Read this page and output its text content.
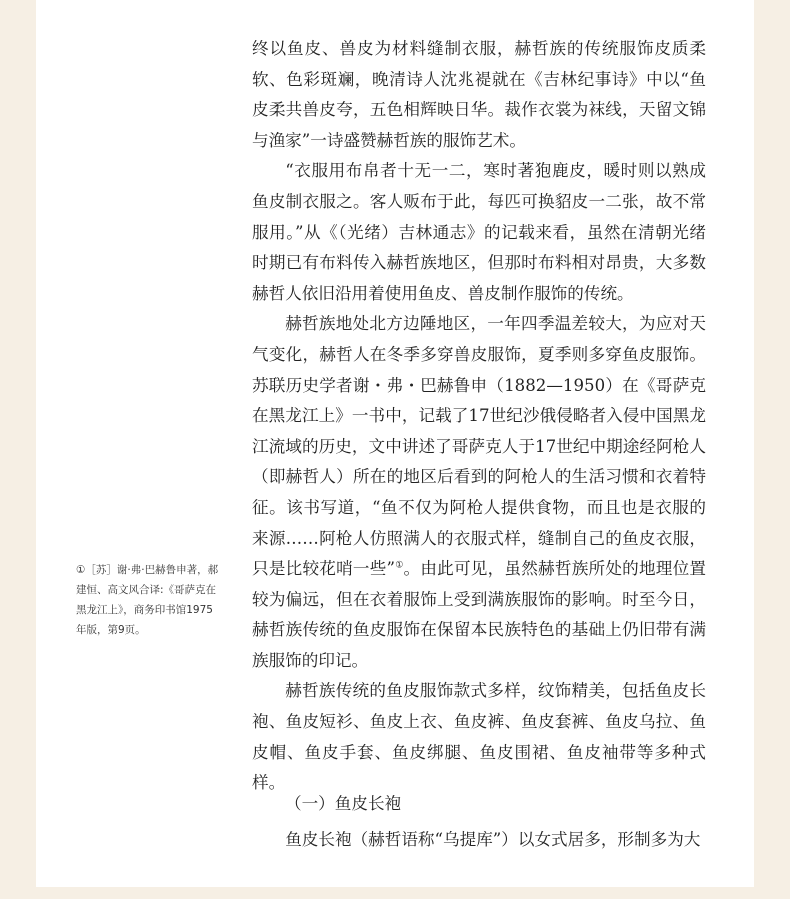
终以鱼皮、兽皮为材料缝制衣服，赫哲族的传统服饰皮质柔软、色彩斑斓，晚清诗人沈兆褆就在《吉林纪事诗》中以“鱼皮柔共兽皮夸，五色相辉映日华。裁作衣裳为袜线，天留文锦与渔家”一诗盛赞赫哲族的服饰艺术。

“衣服用布帛者十无一二，寒时著狍鹿皮，暖时则以熟成鱼皮制衣服之。客人贩布于此，每匹可换貂皮一二张，故不常服用。”从《（光绪）吉林通志》的记载来看，虽然在清朝光绪时期已有布料传入赫哲族地区，但那时布料相对昂贵，大多数赫哲人依旧沿用着使用鱼皮、兽皮制作服饰的传统。

赫哲族地处北方边陲地区，一年四季温差较大，为应对天气变化，赫哲人在冬季多穿兽皮服饰，夏季则多穿鱼皮服饰。苏联历史学者谢・弗・巴赫鲁申（1882—1950）在《哥萨克在黑龙江上》一书中，记载了17世纪沙俄侵略者入侵中国黑龙江流域的历史，文中讲述了哥萨克人于17世纪中期途经阿枪人（即赫哲人）所在的地区后看到的阿枪人的生活习惯和衣着特征。该书写道，“鱼不仅为阿枪人提供食物，而且也是衣服的来源……阿枪人仿照满人的衣服式样，缝制自己的鱼皮衣服，只是比较花哨一些”①。由此可见，虽然赫哲族所处的地理位置较为偏远，但在衣着服饰上受到满族服饰的影响。时至今日，赫哲族传统的鱼皮服饰在保留本民族特色的基础上仍旧带有满族服饰的印记。

赫哲族传统的鱼皮服饰款式多样，纹饰精美，包括鱼皮长袍、鱼皮短衫、鱼皮上衣、鱼皮裤、鱼皮套裤、鱼皮乌拉、鱼皮帽、鱼皮手套、鱼皮绑腿、鱼皮围裙、鱼皮袖带等多种式样。

（一）鱼皮长袍

鱼皮长袍（赫哲语称“乌提库”）以女式居多，形制多为大

①［苏］谢·弗·巴赫鲁申著，郝建恒、高文风合译:《哥萨克在黑龙江上》，商务印书馆1975年版，第9页。
